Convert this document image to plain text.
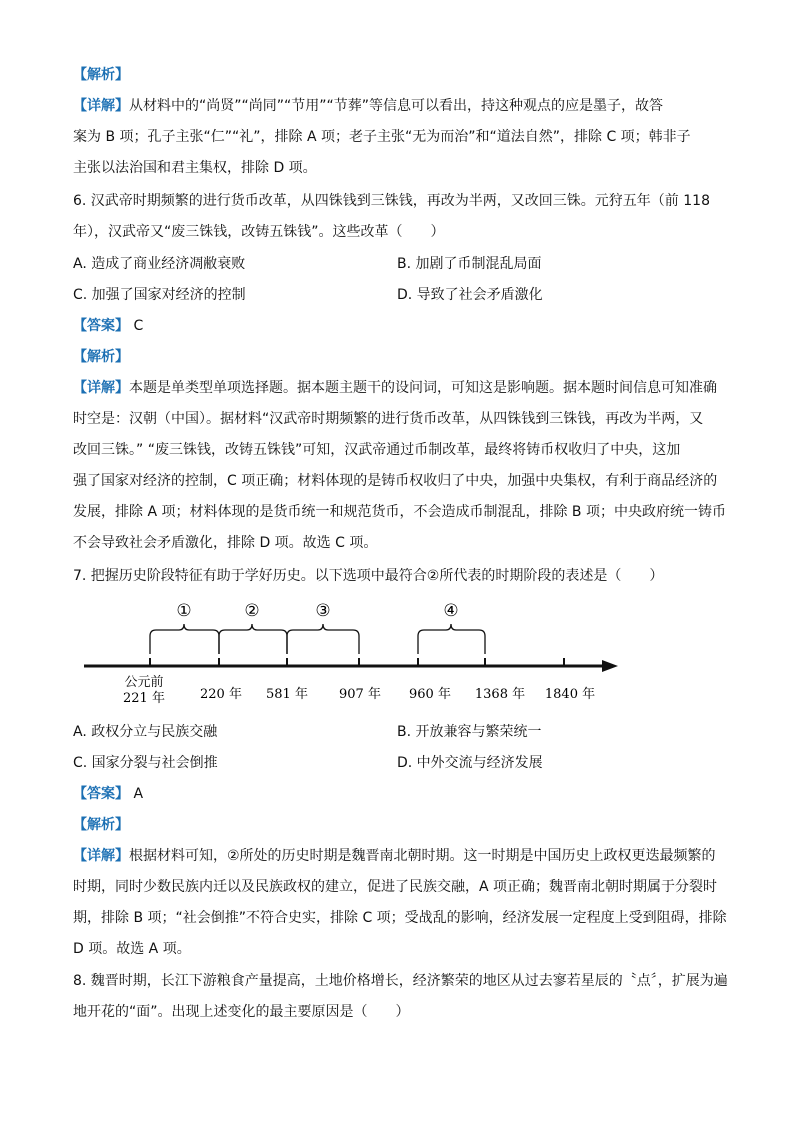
【解析】
【详解】从材料中的“尚贤”“尚同”“节用”“节葬”等信息可以看出，持这种观点的应是墨子，故答
案为 B 项；孔子主张“仁”“礼”，排除 A 项；老子主张“无为而治”和“道法自然”，排除 C 项；韩非子
主张以法治国和君主集权，排除 D 项。
6. 汉武帝时期频繁的进行货币改革，从四铢钱到三铢钱，再改为半两，又改回三铢。元狩五年（前 118
年），汉武帝又“废三铢钱，改铸五铢钱”。这些改革（　　）
A. 造成了商业经济凋敝衰败	B. 加剧了币制混乱局面
C. 加强了国家对经济的控制	D. 导致了社会矛盾激化
【答案】 C
【解析】
【详解】本题是单类型单项选择题。据本题主题干的设问词，可知这是影响题。据本题时间信息可知准确
时空是：汉朝（中国）。据材料“汉武帝时期频繁的进行货币改革，从四铢钱到三铢钱，再改为半两，又
改回三铢。” “废三铢钱，改铸五铢钱”可知，汉武帝通过币制改革，最终将铸币权收归了中央，这加
强了国家对经济的控制，C 项正确；材料体现的是铸币权收归了中央，加强中央集权，有利于商品经济的
发展，排除 A 项；材料体现的是货币统一和规范货币，不会造成币制混乱，排除 B 项；中央政府统一铸币
不会导致社会矛盾激化，排除 D 项。故选 C 项。
7. 把握历史阶段特征有助于学好历史。以下选项中最符合②所代表的时期阶段的表述是（　　）
①	②	③	④
公元前
221 年	220 年 581 年 907 年 960 年 1368 年 1840 年
A. 政权分立与民族交融	B. 开放兼容与繁荣统一
C. 国家分裂与社会倒推	D. 中外交流与经济发展
【答案】 A
【解析】
【详解】根据材料可知，②所处的历史时期是魏晋南北朝时期。这一时期是中国历史上政权更迭最频繁的
时期，同时少数民族内迁以及民族政权的建立，促进了民族交融，A 项正确；魏晋南北朝时期属于分裂时
期，排除 B 项；“社会倒推”不符合史实，排除 C 项；受战乱的影响，经济发展一定程度上受到阻碍，排除
D 项。故选 A 项。
8. 魏晋时期，长江下游粮食产量提高，土地价格增长，经济繁荣的地区从过去寥若星辰的〝点〞，扩展为遍
地开花的“面”。出现上述变化的最主要原因是（　　）
